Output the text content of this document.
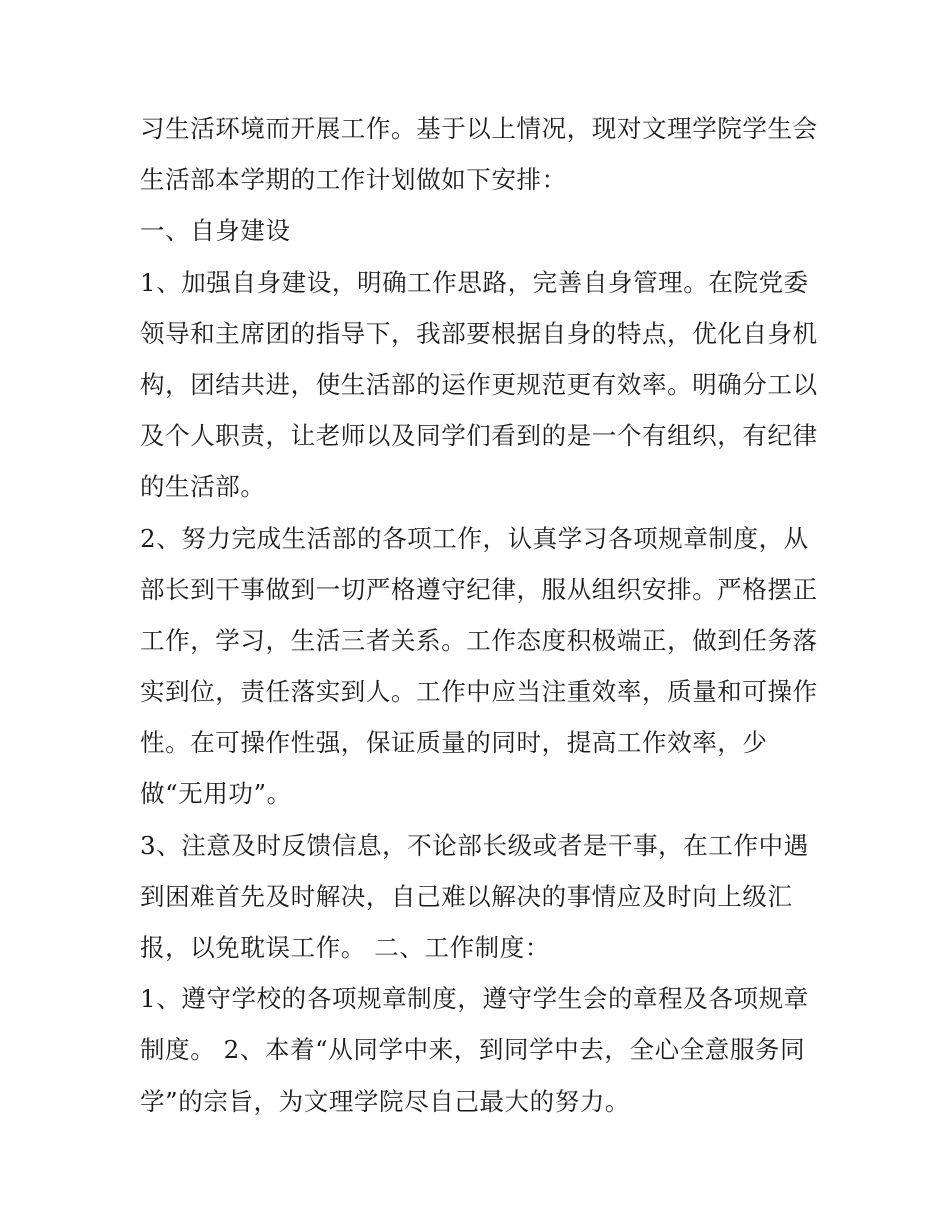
习生活环境而开展工作。基于以上情况，现对文理学院学生会
生活部本学期的工作计划做如下安排：
一、自身建设
1、加强自身建设，明确工作思路，完善自身管理。在院党委
领导和主席团的指导下，我部要根据自身的特点，优化自身机
构，团结共进，使生活部的运作更规范更有效率。明确分工以
及个人职责，让老师以及同学们看到的是一个有组织，有纪律
的生活部。
2、努力完成生活部的各项工作，认真学习各项规章制度，从
部长到干事做到一切严格遵守纪律，服从组织安排。严格摆正
工作，学习，生活三者关系。工作态度积极端正，做到任务落
实到位，责任落实到人。工作中应当注重效率，质量和可操作
性。在可操作性强，保证质量的同时，提高工作效率，少
做“无用功”。
3、注意及时反馈信息，不论部长级或者是干事，在工作中遇
到困难首先及时解决，自己难以解决的事情应及时向上级汇
报，以免耽误工作。 二、工作制度：
1、遵守学校的各项规章制度，遵守学生会的章程及各项规章
制度。 2、本着“从同学中来，到同学中去，全心全意服务同
学”的宗旨，为文理学院尽自己最大的努力。
